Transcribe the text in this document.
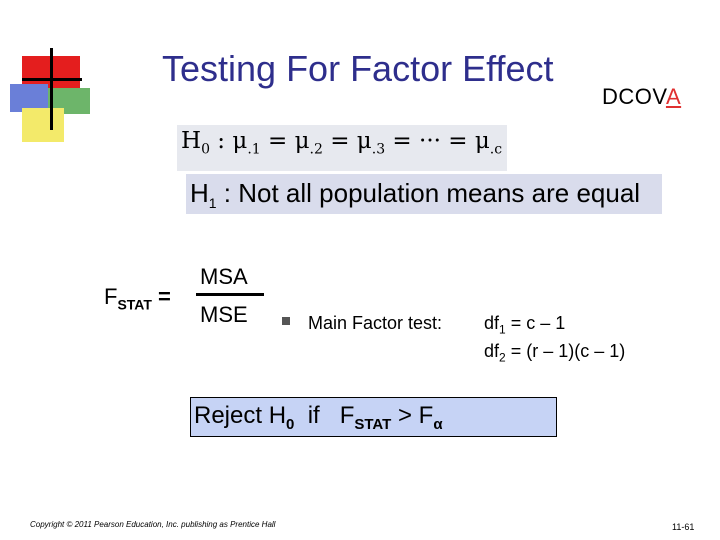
Testing For Factor Effect
DCOVA
$H_0$ : $\mu_{.1} = \mu_{.2} = \mu_{.3}$ = ··· = $\mu_{.c}$
$H_1$ : Not all population means are equal
$F_{STAT}$ =
MSA
MSE	Main Factor test: $df_1 = c - 1$
$df_2 = (r - 1)(c - 1)$
Reject $H_0$  if   $F_{STAT} > F_\alpha$
Copyright © 2011 Pearson Education, Inc. publishing as Prentice Hall	11-61
